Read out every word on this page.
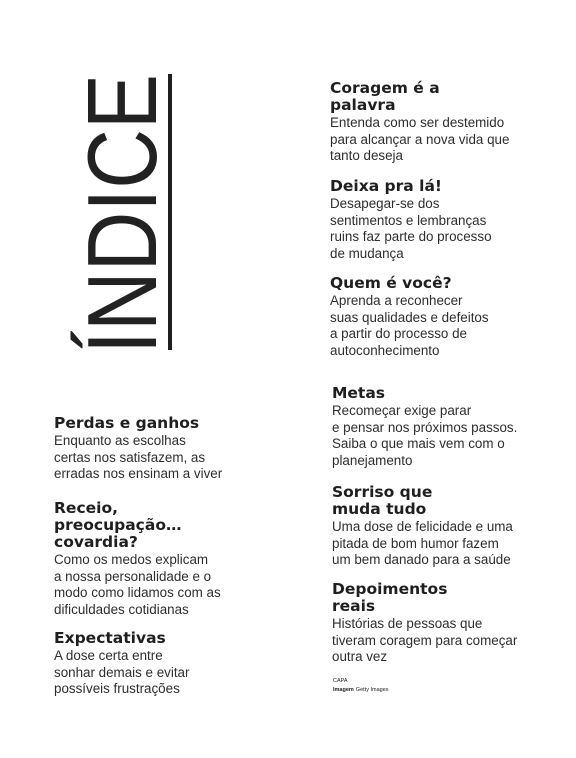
ÍNDICE
Perdas e ganhos

Enquanto as escolhas
certas nos satisfazem, as
erradas nos ensinam a viver

Receio,
preocupação…
covardia?

Como os medos explicam
a nossa personalidade e o
modo como lidamos com as
dificuldades cotidianas

Expectativas

A dose certa entre
sonhar demais e evitar
possíveis frustrações

Coragem é a
palavra

Entenda como ser destemido
para alcançar a nova vida que
tanto deseja

Deixa pra lá!

Desapegar-se dos
sentimentos e lembranças
ruins faz parte do processo
de mudança

Quem é você?

Aprenda a reconhecer
suas qualidades e defeitos
a partir do processo de
autoconhecimento

Metas

Recomeçar exige parar
e pensar nos próximos passos.
Saiba o que mais vem com o
planejamento

Sorriso que
muda tudo

Uma dose de felicidade e uma
pitada de bom humor fazem
um bem danado para a saúde

Depoimentos
reais

Histórias de pessoas que
tiveram coragem para começar
outra vez

CAPA
Imagem Getty Images
